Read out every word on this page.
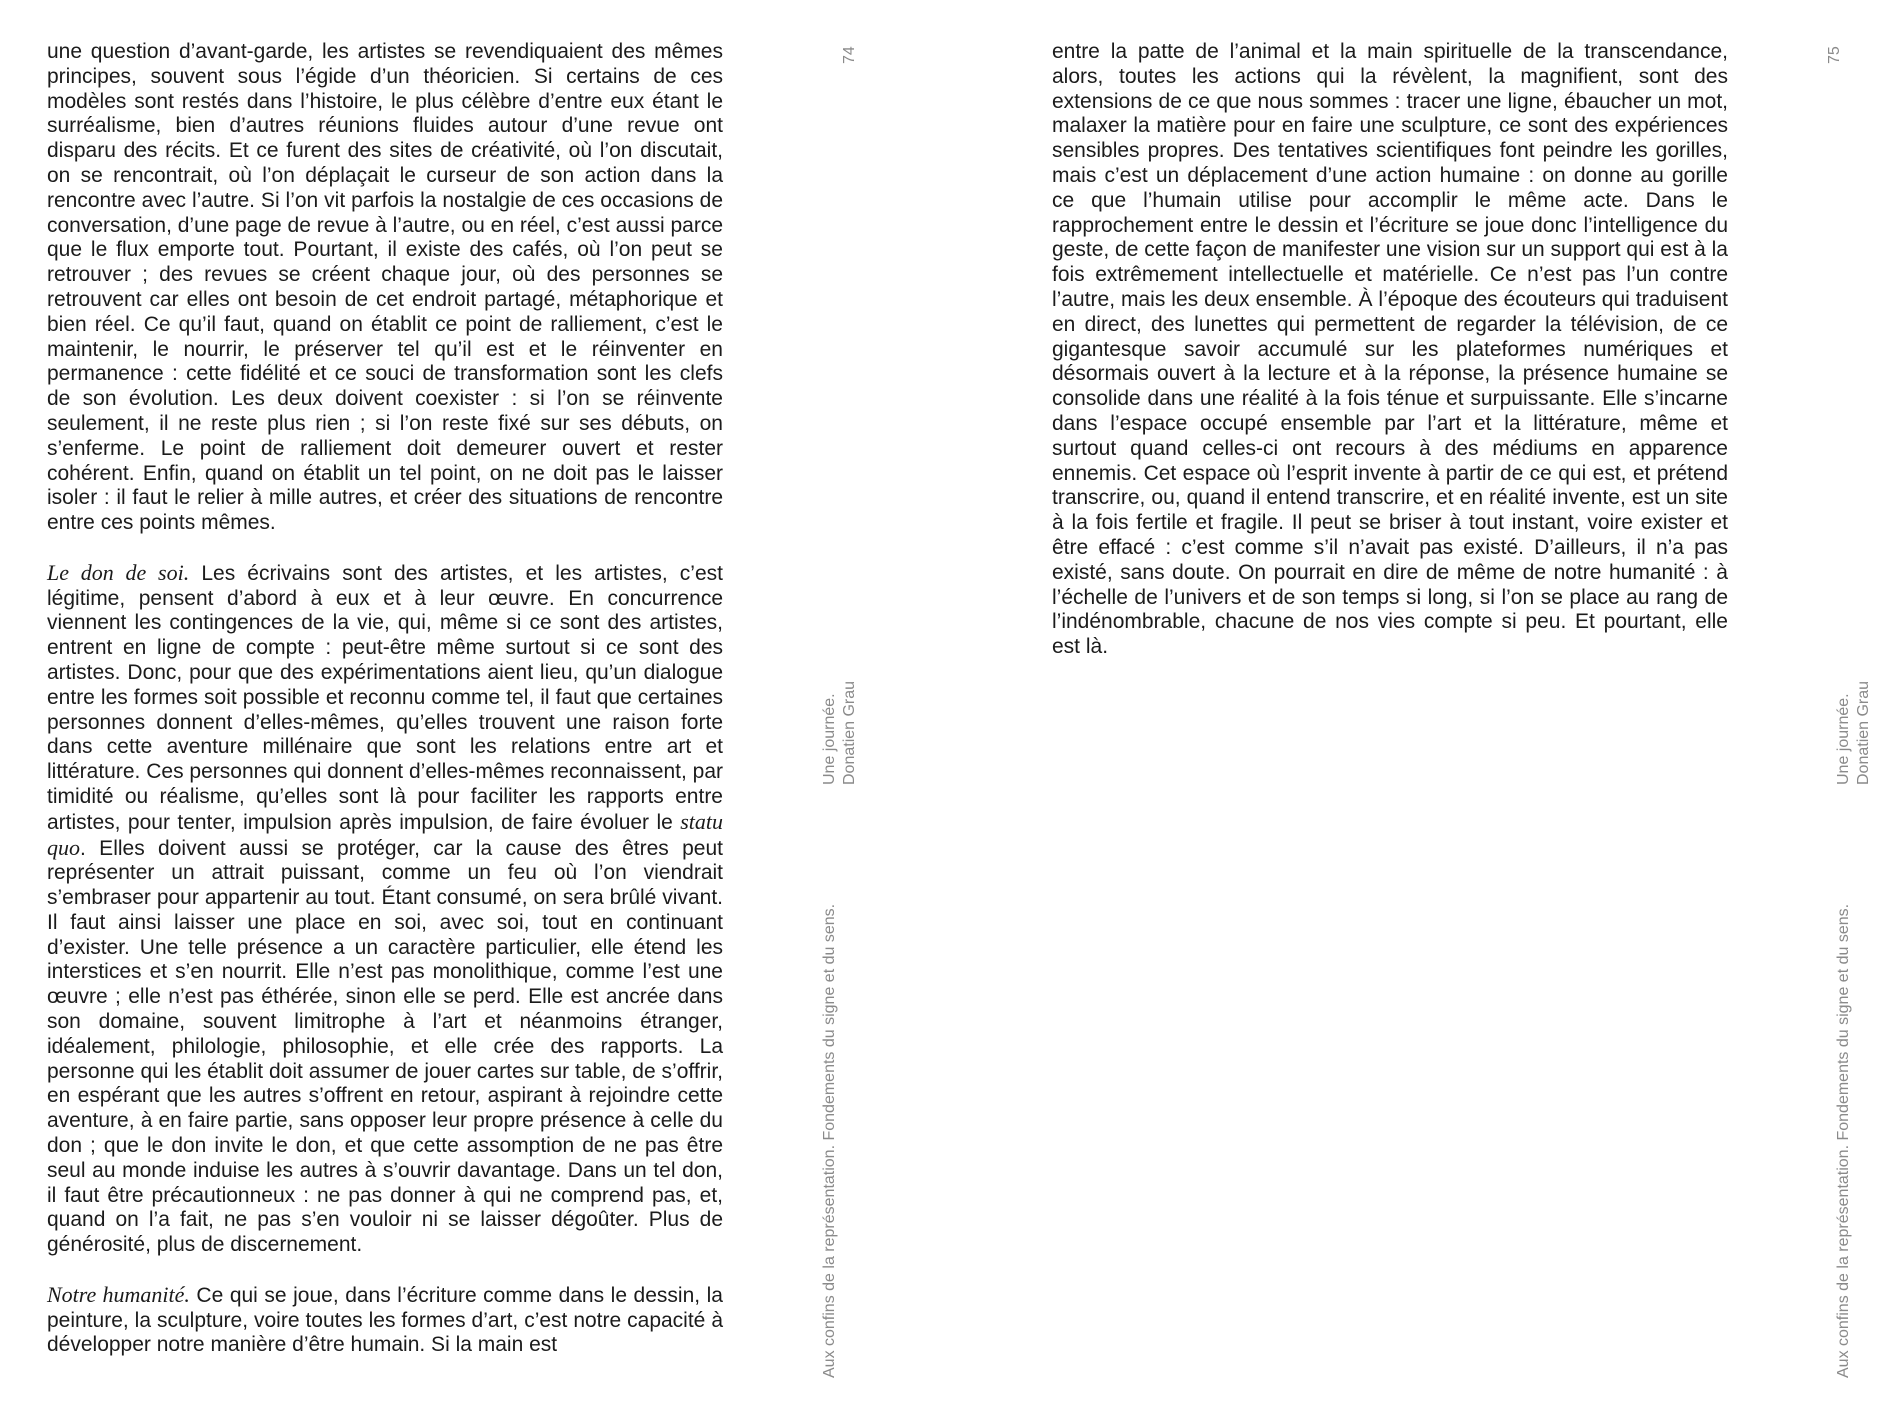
une question d’avant-garde, les artistes se revendiquaient des mêmes principes, souvent sous l’égide d’un théoricien. Si certains de ces modèles sont restés dans l’histoire, le plus célèbre d’entre eux étant le surréalisme, bien d’autres réunions fluides autour d’une revue ont disparu des récits. Et ce furent des sites de créativité, où l’on discutait, on se rencontrait, où l’on déplaçait le curseur de son action dans la rencontre avec l’autre. Si l’on vit parfois la nostalgie de ces occasions de conversation, d’une page de revue à l’autre, ou en réel, c’est aussi parce que le flux emporte tout. Pourtant, il existe des cafés, où l’on peut se retrouver ; des revues se créent chaque jour, où des personnes se retrouvent car elles ont besoin de cet endroit partagé, métaphorique et bien réel. Ce qu’il faut, quand on établit ce point de ralliement, c’est le maintenir, le nourrir, le préserver tel qu’il est et le réinventer en permanence : cette fidélité et ce souci de transformation sont les clefs de son évolution. Les deux doivent coexister : si l’on se réinvente seulement, il ne reste plus rien ; si l’on reste fixé sur ses débuts, on s’enferme. Le point de ralliement doit demeurer ouvert et rester cohérent. Enfin, quand on établit un tel point, on ne doit pas le laisser isoler : il faut le relier à mille autres, et créer des situations de rencontre entre ces points mêmes.

Le don de soi. Les écrivains sont des artistes, et les artistes, c’est légitime, pensent d’abord à eux et à leur œuvre. En concurrence viennent les contingences de la vie, qui, même si ce sont des artistes, entrent en ligne de compte : peut-être même surtout si ce sont des artistes. Donc, pour que des expérimentations aient lieu, qu’un dialogue entre les formes soit possible et reconnu comme tel, il faut que certaines personnes donnent d’elles-mêmes, qu’elles trouvent une raison forte dans cette aventure millénaire que sont les relations entre art et littérature. Ces personnes qui donnent d’elles-mêmes reconnaissent, par timidité ou réalisme, qu’elles sont là pour faciliter les rapports entre artistes, pour tenter, impulsion après impulsion, de faire évoluer le statu quo. Elles doivent aussi se protéger, car la cause des êtres peut représenter un attrait puissant, comme un feu où l’on viendrait s’embraser pour appartenir au tout. Étant consumé, on sera brûlé vivant. Il faut ainsi laisser une place en soi, avec soi, tout en continuant d’exister. Une telle présence a un caractère particulier, elle étend les interstices et s’en nourrit. Elle n’est pas monolithique, comme l’est une œuvre ; elle n’est pas éthérée, sinon elle se perd. Elle est ancrée dans son domaine, souvent limitrophe à l’art et néanmoins étranger, idéalement, philologie, philosophie, et elle crée des rapports. La personne qui les établit doit assumer de jouer cartes sur table, de s’offrir, en espérant que les autres s’offrent en retour, aspirant à rejoindre cette aventure, à en faire partie, sans opposer leur propre présence à celle du don ; que le don invite le don, et que cette assomption de ne pas être seul au monde induise les autres à s’ouvrir davantage. Dans un tel don, il faut être précautionneux : ne pas donner à qui ne comprend pas, et, quand on l’a fait, ne pas s’en vouloir ni se laisser dégoûter. Plus de générosité, plus de discernement.

Notre humanité. Ce qui se joue, dans l’écriture comme dans le dessin, la peinture, la sculpture, voire toutes les formes d’art, c’est notre capacité à développer notre manière d’être humain. Si la main est

74
Une journée. Donatien Grau
Aux confins de la représentation. Fondements du signe et du sens.

entre la patte de l’animal et la main spirituelle de la transcendance, alors, toutes les actions qui la révèlent, la magnifient, sont des extensions de ce que nous sommes : tracer une ligne, ébaucher un mot, malaxer la matière pour en faire une sculpture, ce sont des expériences sensibles propres. Des tentatives scientifiques font peindre les gorilles, mais c’est un déplacement d’une action humaine : on donne au gorille ce que l’humain utilise pour accomplir le même acte. Dans le rapprochement entre le dessin et l’écriture se joue donc l’intelligence du geste, de cette façon de manifester une vision sur un support qui est à la fois extrêmement intellectuelle et matérielle. Ce n’est pas l’un contre l’autre, mais les deux ensemble. À l’époque des écouteurs qui traduisent en direct, des lunettes qui permettent de regarder la télévision, de ce gigantesque savoir accumulé sur les plateformes numériques et désormais ouvert à la lecture et à la réponse, la présence humaine se consolide dans une réalité à la fois ténue et surpuissante. Elle s’incarne dans l’espace occupé ensemble par l’art et la littérature, même et surtout quand celles-ci ont recours à des médiums en apparence ennemis. Cet espace où l’esprit invente à partir de ce qui est, et prétend transcrire, ou, quand il entend transcrire, et en réalité invente, est un site à la fois fertile et fragile. Il peut se briser à tout instant, voire exister et être effacé : c’est comme s’il n’avait pas existé. D’ailleurs, il n’a pas existé, sans doute. On pourrait en dire de même de notre humanité : à l’échelle de l’univers et de son temps si long, si l’on se place au rang de l’indénombrable, chacune de nos vies compte si peu. Et pourtant, elle est là.

75
Une journée. Donatien Grau
Aux confins de la représentation. Fondements du signe et du sens.
